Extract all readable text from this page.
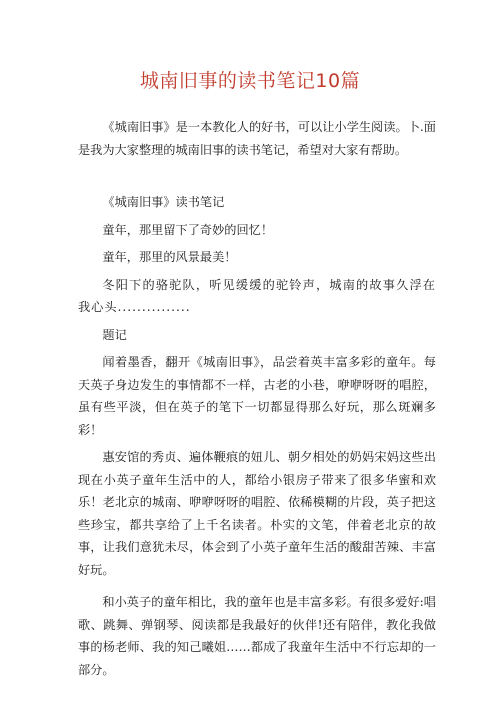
城南旧事的读书笔记10篇

《城南旧事》是一本教化人的好书，可以让小学生阅读。卜.面是我为大家整理的城南旧事的读书笔记，希望对大家有帮助。

《城南旧事》读书笔记

童年，那里留下了奇妙的回忆！

童年，那里的风景最美！

冬阳下的骆驼队，听见缓缓的驼铃声，城南的故事久浮在我心头...............

题记

闻着墨香，翻开《城南旧事》，品尝着英丰富多彩的童年。每天英子身边发生的事情都不一样，古老的小巷，咿咿呀呀的唱腔，虽有些平淡，但在英子的笔下一切都显得那么好玩，那么斑斓多彩！

惠安馆的秀贞、遍体鞭痕的妞儿、朝夕相处的奶妈宋妈这些出现在小英子童年生活中的人，都给小银房子带来了很多华蜜和欢乐！老北京的城南、咿咿呀呀的唱腔、依稀模糊的片段，英子把这些珍宝，都共享给了上千名读者。朴实的文笔，伴着老北京的故事，让我们意犹未尽，体会到了小英子童年生活的酸甜苦辣、丰富好玩。

和小英子的童年相比，我的童年也是丰富多彩。有很多爱好:唱歌、跳舞、弹钢琴、阅读都是我最好的伙伴!还有陪伴，教化我做事的杨老师、我的知己曦姐……都成了我童年生活中不行忘却的一部分。
